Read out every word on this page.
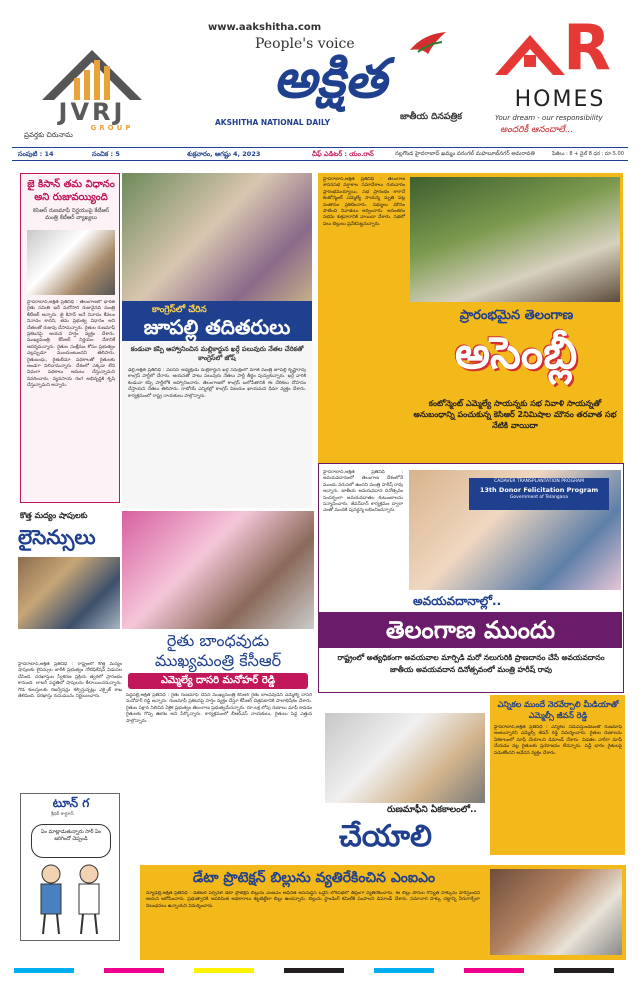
JVRJ
GROUP
ప్రవర్తకు చిరునామ
www.aakshitha.com
People's voice
అక్షిత
AKSHITHA NATIONAL DAILY
జాతీయ దినపత్రిక
R
HOMES
Your dream - our responsibility
అందరికీ ఆనందాలే...
సంపుటి : 14	సంచిక : 5	శుక్రవారం, ఆగష్టు 4, 2023	చీఫ్ ఎడిటర్ : యం.రాన్	నల్లగొండ హైదరాబాద్ ఖమ్మం వరంగల్ మహబూబ్‌నగర్ అమరావతి	పేజీలు : 8 + డైల్ 8 ధర : రూ.5.00
జై కిసాన్ తమ విధానం అని రుజువయ్యింది
కెసిఆర్ రుణమాఫీ నిర్ణయంపై కేటీఆర్ మంత్రి కేటీఆర్ వ్యాఖ్యలు
హైదరాబాద్,అక్షిత ప్రతినిధి : తెలంగాణలో భారత రైతు సమితి ఇదే మరోసారి రుజువైనది మంత్రి కేటీఆర్ అన్నారు. జై కిసాన్ అనే నినాదం కేవలం నినాదం కాదని, తమ ప్రభుత్వ విధానం అని చేతలతో రుజువు చేసామన్నారు. రైతుల రుణమాఫీ ప్రకటనపై ఆయన హర్షం వ్యక్తం చేశారు. ముఖ్యమంత్రి కేసీఆర్ నిర్ణయం దేశానికే ఆదర్శమన్నారు. రైతుల సంక్షేమం కోసం ప్రభుత్వం ఎల్లప్పుడూ ముందుంటుందని తెలిపారు. రైతుబంధు, రైతుబీమా పథకాలతో రైతులకు అండగా నిలిచామన్నారు. దేశంలో ఎక్కడా లేని విధంగా పథకాలు అమలు చేస్తున్నామని వివరించారు. వ్యవసాయ రంగ అభివృద్ధికి కృషి చేస్తున్నామని అన్నారు.
కాంగ్రెస్‌లో చేరిన
జూపల్లి తదితరులు
కండువా కప్పి ఆహ్వానించిన మల్లికార్జున ఖర్గే పలువురు నేతల చేరికతో కాంగ్రెస్‌లో జోష్
ఢిల్లీ,అక్షిత ప్రతినిధి : ఏఐసీసీ అధ్యక్షుడు మల్లికార్జున ఖర్గే సమక్షంలో మాజీ మంత్రి జూపల్లి కృష్ణారావు కాంగ్రెస్ పార్టీలో చేరారు. ఆయనతో పాటు పలువురు నేతలు పార్టీ తీర్థం పుచ్చుకున్నారు. ఖర్గే వారికి కండువా కప్పి పార్టీలోకి ఆహ్వానించారు. తెలంగాణలో కాంగ్రెస్ బలోపేతానికి ఈ చేరికలు దోహదం చేస్తాయని నేతలు తెలిపారు. రాబోయే ఎన్నికల్లో కాంగ్రెస్ విజయం ఖాయమని ధీమా వ్యక్తం చేశారు. కార్యక్రమంలో రాష్ట్ర నాయకులు పాల్గొన్నారు.
హైదరాబాద్,అక్షిత ప్రతినిధి : తెలంగాణ శాసనసభ వర్షాకాల సమావేశాలు గురువారం ప్రారంభమయ్యాయి. సభ ప్రారంభం కాగానే కంటోన్మెంట్ ఎమ్మెల్యే సాయన్న మృతి పట్ల సంతాపం ప్రకటించారు. సభ్యులు మౌనం పాటించి నివాళులు అర్పించారు. అనంతరం సభను శుక్రవారానికి వాయిదా వేశారు. సభలో పలు బిల్లులు ప్రవేశపెట్టనున్నారు.
ప్రారంభమైన తెలంగాణ
అసెంబ్లీ
కంటోన్మెంట్ ఎమ్మెల్యే సాయన్నకు సభ నివాళి సాయన్నతో అనుబంధాన్ని పంచుకున్న కెసిఆర్ 2నిమిషాల మౌనం తరవాత సభ నేటికి వాయిదా
కొత్త మద్యం షాపులకు
లైసెన్సులు
హైదరాబాద్,అక్షిత ప్రతినిధి : రాష్ట్రంలో కొత్త మద్యం షాపులకు లైసెన్సుల జారీకి ప్రభుత్వం నోటిఫికేషన్ విడుదల చేసింది. దరఖాస్తుల స్వీకరణ ప్రక్రియ త్వరలో ప్రారంభం కానుంది. లాటరీ పద్ధతిలో షాపులను కేటాయించనున్నారు. గౌడ కులస్తులకు రిజర్వేషన్లు కల్పిస్తున్నట్లు ఎక్సైజ్ శాఖ తెలిపింది. దరఖాస్తు రుసుమును నిర్ణయించారు.
రైతు బాంధవుడు
ముఖ్యమంత్రి కేసీఆర్
ఎమ్మెల్యే దాసరి మనోహర్ రెడ్డి
పెద్దపల్లి,అక్షిత ప్రతినిధి : రైతు రుణమాఫీ చేసిన ముఖ్యమంత్రి కేసీఆర్ రైతు బాంధవుడని ఎమ్మెల్యే దాసరి మనోహర్ రెడ్డి అన్నారు. రుణమాఫీ ప్రకటనపై హర్షం వ్యక్తం చేస్తూ కేసీఆర్ చిత్రపటానికి పాలాభిషేకం చేశారు. రైతుల పక్షాన నిలిచిన ఏకైక ప్రభుత్వం తెలంగాణ ప్రభుత్వమేనన్నారు. రూ.లక్ష లోపు రుణాలు మాఫీ కావడం రైతులకు గొప్ప ఊరట అని పేర్కొన్నారు. కార్యక్రమంలో బీఆర్ఎస్ నాయకులు, రైతులు పెద్ద ఎత్తున పాల్గొన్నారు.
హైదరాబాద్,అక్షిత ప్రతినిధి : అవయవదానంలో తెలంగాణ దేశంలోనే ముందు వరుసలో ఉందని మంత్రి హరీష్ రావు అన్నారు. జాతీయ అవయవదాన దినోత్సవం సందర్భంగా అవయవదాతల కుటుంబాలను సన్మానించారు. జీవన్‌దాన్ కార్యక్రమం ద్వారా ఎంతో మందికి పునర్జన్మ లభించిందన్నారు.
CADAVER TRANSPLANTATION PROGRAM
13th Donor Felicitation Program
Government of Telangana
అవయవదానాల్లో..
తెలంగాణ ముందు
రాష్ట్రంలో అత్యధికంగా అవయవాల మార్పిడి మరో నలుగురికి ప్రాణదానం చేసే అవయవదానం జాతీయ అవయవదాన దినోత్సవంలో మంత్రి హరీష్ రావు
టూన్ గ
శ్రీధర్ కార్టూన్
ఏం మాట్లాడుతున్నారు సార్ ఏం జరిగిందో చెప్పండి
రుణమాఫీని ఏకకాలంలో..
చేయాలి
ఎన్నికల ముందే నెరవేర్చాలి మీడియాతో ఎమ్మెల్సీ జీవన్ రెడ్డి
హైదరాబాద్,అక్షిత ప్రతినిధి : ఎన్నికల సమీపిస్తుండటంతో రుణమాఫీ అంటున్నారని ఎమ్మెల్సీ జీవన్ రెడ్డి విమర్శించారు. రైతుల రుణాలను ఏకకాలంలో మాఫీ చేయాలని డిమాండ్ చేశారు. విడతల వారీగా మాఫీ చేయడం వల్ల రైతులకు ప్రయోజనం లేదన్నారు. వడ్డీ భారం రైతులపై పడుతోందని ఆవేదన వ్యక్తం చేశారు.
డేటా ప్రొటెక్షన్ బిల్లును వ్యతిరేకించిన ఎంఐఎం
న్యూఢిల్లీ,అక్షిత ప్రతినిధి : డిజిటల్ పర్సనల్ డేటా ప్రొటెక్షన్ బిల్లును ఎంఐఎం అధినేత అసదుద్దీన్ ఒవైసీ లోక్‌సభలో తీవ్రంగా వ్యతిరేకించారు. ఈ బిల్లు పౌరుల గోప్యత హక్కును హరిస్తుందని ఆయన ఆరోపించారు. ప్రభుత్వానికి అపరిమిత అధికారాలు కట్టబెట్టేలా బిల్లు ఉందన్నారు. బిల్లును స్టాండింగ్ కమిటీకి పంపాలని డిమాండ్ చేశారు. సమాచార హక్కు చట్టాన్ని నీరుగార్చేలా నిబంధనలు ఉన్నాయని విమర్శించారు.
